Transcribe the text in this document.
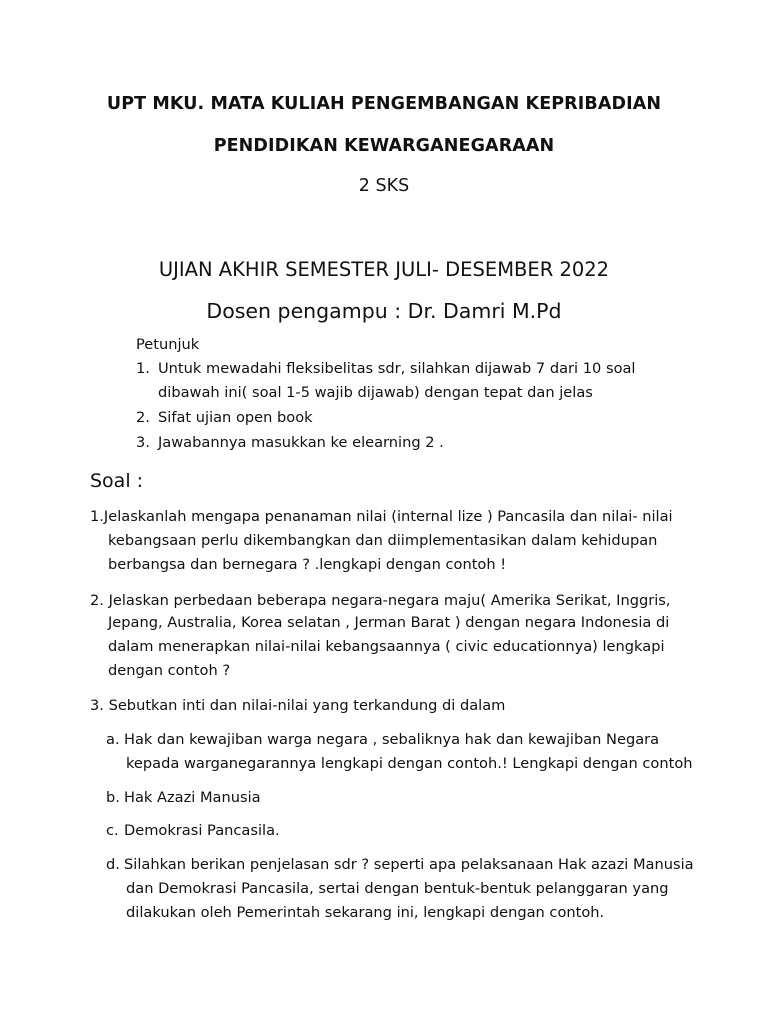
UPT MKU. MATA KULIAH PENGEMBANGAN KEPRIBADIAN
PENDIDIKAN KEWARGANEGARAAN
2 SKS
UJIAN AKHIR SEMESTER JULI- DESEMBER 2022
Dosen pengampu : Dr. Damri M.Pd
Petunjuk
1. Untuk mewadahi fleksibelitas sdr, silahkan dijawab 7 dari 10 soal
dibawah ini( soal 1-5 wajib dijawab) dengan tepat dan jelas
2. Sifat ujian open book
3. Jawabannya masukkan ke elearning 2 .
Soal :
1.Jelaskanlah mengapa penanaman nilai (internal lize ) Pancasila dan nilai- nilai
kebangsaan perlu dikembangkan dan diimplementasikan dalam kehidupan
berbangsa dan bernegara ? .lengkapi dengan contoh !
2. Jelaskan perbedaan beberapa negara-negara maju( Amerika Serikat, Inggris,
Jepang, Australia, Korea selatan , Jerman Barat ) dengan negara Indonesia di
dalam menerapkan nilai-nilai kebangsaannya ( civic educationnya) lengkapi
dengan contoh ?
3. Sebutkan inti dan nilai-nilai yang terkandung di dalam
a. Hak dan kewajiban warga negara , sebaliknya hak dan kewajiban Negara
kepada warganegarannya lengkapi dengan contoh.! Lengkapi dengan contoh
b. Hak Azazi Manusia
c. Demokrasi Pancasila.
d. Silahkan berikan penjelasan sdr ? seperti apa pelaksanaan Hak azazi Manusia
dan Demokrasi Pancasila, sertai dengan bentuk-bentuk pelanggaran yang
dilakukan oleh Pemerintah sekarang ini, lengkapi dengan contoh.
